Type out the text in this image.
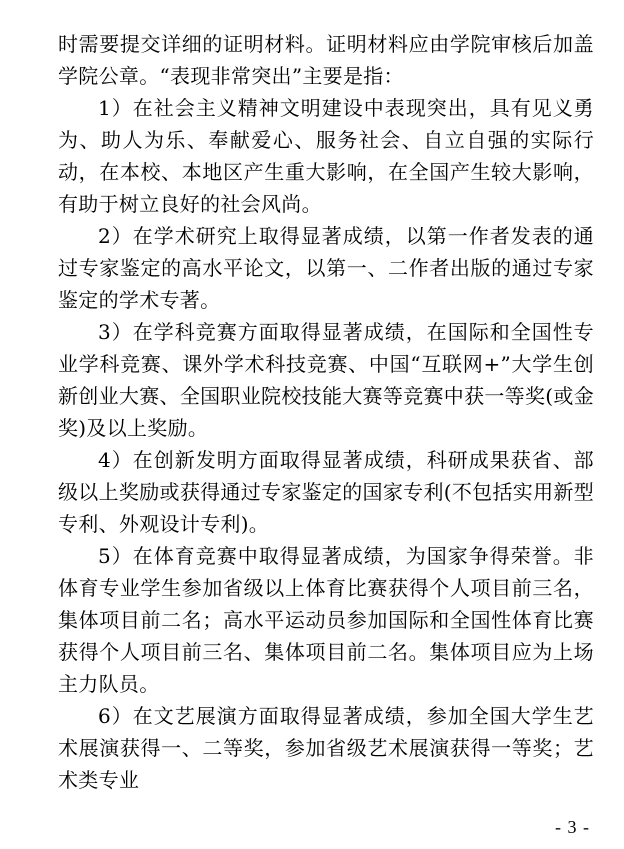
时需要提交详细的证明材料。证明材料应由学院审核后加盖学院公章。“表现非常突出”主要是指：

1）在社会主义精神文明建设中表现突出，具有见义勇为、助人为乐、奉献爱心、服务社会、自立自强的实际行动，在本校、本地区产生重大影响，在全国产生较大影响，有助于树立良好的社会风尚。

2）在学术研究上取得显著成绩，以第一作者发表的通过专家鉴定的高水平论文，以第一、二作者出版的通过专家鉴定的学术专著。

3）在学科竞赛方面取得显著成绩，在国际和全国性专业学科竞赛、课外学术科技竞赛、中国“互联网+”大学生创新创业大赛、全国职业院校技能大赛等竞赛中获一等奖(或金奖)及以上奖励。

4）在创新发明方面取得显著成绩，科研成果获省、部级以上奖励或获得通过专家鉴定的国家专利(不包括实用新型专利、外观设计专利)。

5）在体育竞赛中取得显著成绩，为国家争得荣誉。非体育专业学生参加省级以上体育比赛获得个人项目前三名，集体项目前二名；高水平运动员参加国际和全国性体育比赛获得个人项目前三名、集体项目前二名。集体项目应为上场主力队员。

6）在文艺展演方面取得显著成绩，参加全国大学生艺术展演获得一、二等奖，参加省级艺术展演获得一等奖；艺术类专业

- 3 -
